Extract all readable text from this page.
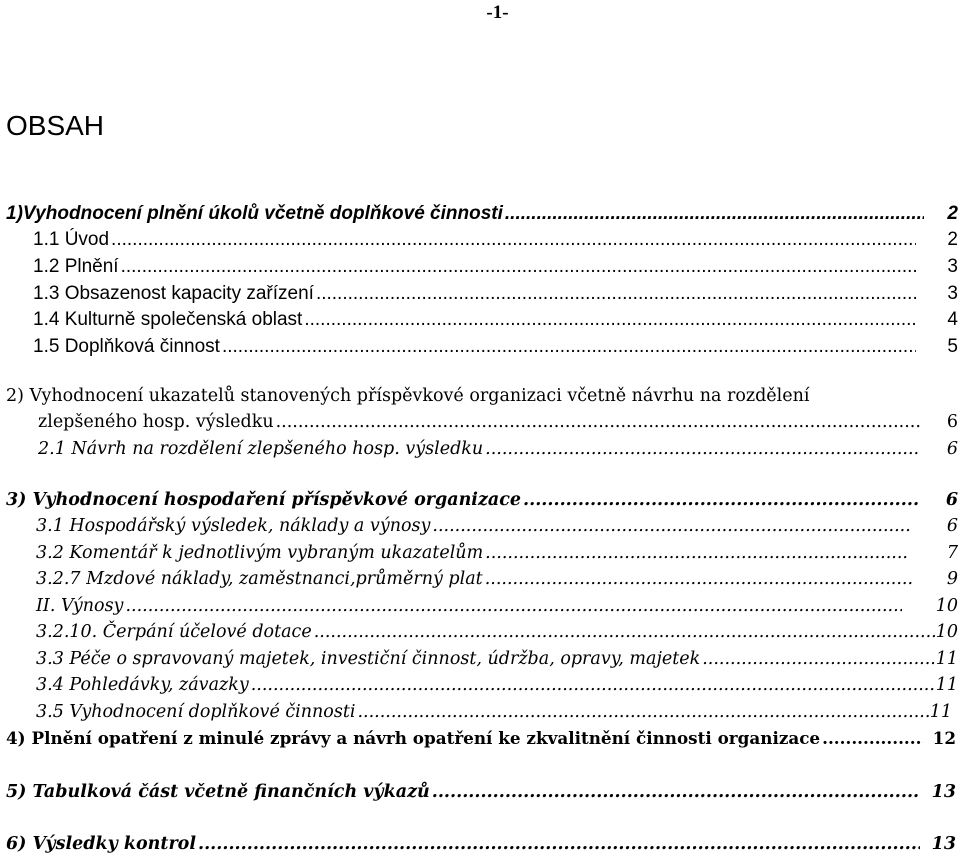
-1-
OBSAH
1)Vyhodnocení plnění úkolů včetně doplňkové činnosti .....	2
1.1 Úvod .....	2
1.2 Plnění .....	3
1.3 Obsazenost kapacity zařízení .....	3
1.4 Kulturně společenská oblast .....	4
1.5 Doplňková činnost .....	5
2) Vyhodnocení ukazatelů stanovených příspěvkové organizaci včetně návrhu na rozdělení
zlepšeného hosp. výsledku .....	6
2.1 Návrh na rozdělení zlepšeného hosp. výsledku .....	6
3) Vyhodnocení hospodaření příspěvkové organizace .....	6
3.1 Hospodářský výsledek, náklady a výnosy .....	6
3.2 Komentář k jednotlivým vybraným ukazatelům .....	7
3.2.7 Mzdové náklady, zaměstnanci,průměrný plat .....	9
II. Výnosy .....	10
3.2.10. Čerpání účelové dotace .....	10
3.3 Péče o spravovaný majetek, investiční činnost, údržba, opravy, majetek .....	11
3.4 Pohledávky, závazky .....	11
3.5 Vyhodnocení doplňkové činnosti .....	11
4) Plnění opatření z minulé zprávy a návrh opatření ke zkvalitnění činnosti organizace .....	12
5) Tabulková část včetně finančních výkazů .....	13
6) Výsledky kontrol .....	13
